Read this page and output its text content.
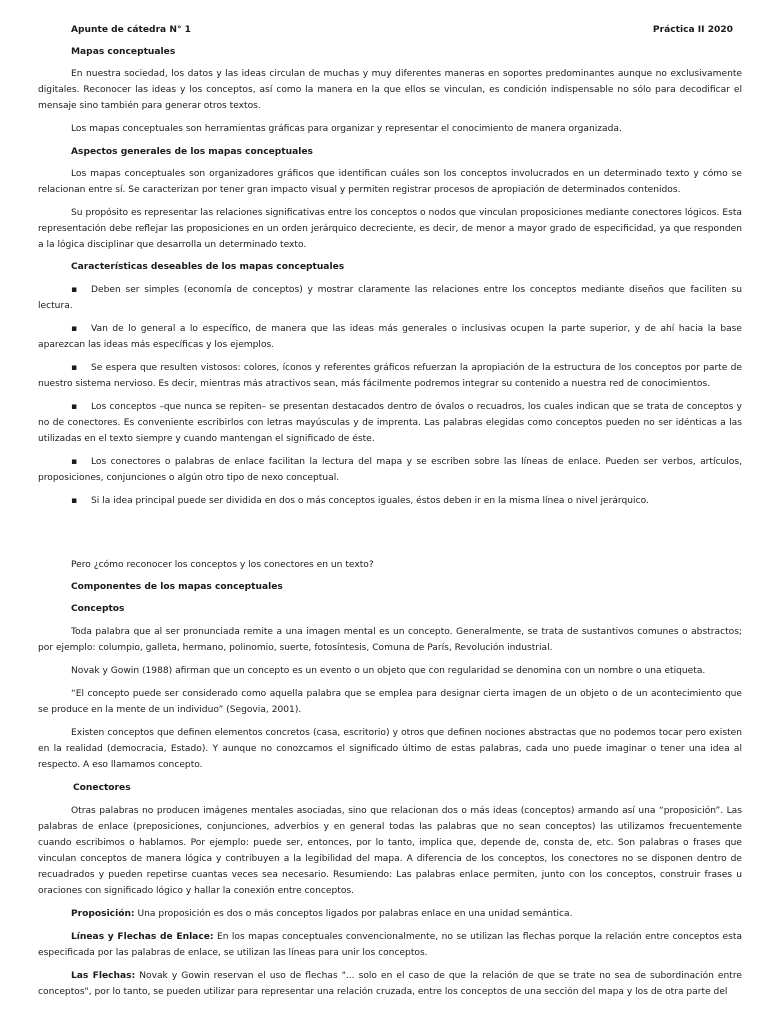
Apunte de cátedra N° 1	Práctica II 2020

Mapas conceptuales

En nuestra sociedad, los datos y las ideas circulan de muchas y muy diferentes maneras en soportes predominantes aunque no exclusivamente digitales. Reconocer las ideas y los conceptos, así como la manera en la que ellos se vinculan, es condición indispensable no sólo para decodificar el mensaje sino también para generar otros textos.

Los mapas conceptuales son herramientas gráficas para organizar y representar el conocimiento de manera organizada.

Aspectos generales de los mapas conceptuales

Los mapas conceptuales son organizadores gráficos que identifican cuáles son los conceptos involucrados en un determinado texto y cómo se relacionan entre sí. Se caracterizan por tener gran impacto visual y permiten registrar procesos de apropiación de determinados contenidos.

Su propósito es representar las relaciones significativas entre los conceptos o nodos que vinculan proposiciones mediante conectores lógicos. Esta representación debe reflejar las proposiciones en un orden jerárquico decreciente, es decir, de menor a mayor grado de especificidad, ya que responden a la lógica disciplinar que desarrolla un determinado texto.

Características deseables de los mapas conceptuales

▪ Deben ser simples (economía de conceptos) y mostrar claramente las relaciones entre los conceptos mediante diseños que faciliten su lectura.

▪ Van de lo general a lo específico, de manera que las ideas más generales o inclusivas ocupen la parte superior, y de ahí hacia la base aparezcan las ideas más específicas y los ejemplos.

▪ Se espera que resulten vistosos: colores, íconos y referentes gráficos refuerzan la apropiación de la estructura de los conceptos por parte de nuestro sistema nervioso. Es decir, mientras más atractivos sean, más fácilmente podremos integrar su contenido a nuestra red de conocimientos.

▪ Los conceptos –que nunca se repiten– se presentan destacados dentro de óvalos o recuadros, los cuales indican que se trata de conceptos y no de conectores. Es conveniente escribirlos con letras mayúsculas y de imprenta. Las palabras elegidas como conceptos pueden no ser idénticas a las utilizadas en el texto siempre y cuando mantengan el significado de éste.

▪ Los conectores o palabras de enlace facilitan la lectura del mapa y se escriben sobre las líneas de enlace. Pueden ser verbos, artículos, proposiciones, conjunciones o algún otro tipo de nexo conceptual.

▪ Si la idea principal puede ser dividida en dos o más conceptos iguales, éstos deben ir en la misma línea o nivel jerárquico.

Pero ¿cómo reconocer los conceptos y los conectores en un texto?

Componentes de los mapas conceptuales

Conceptos

Toda palabra que al ser pronunciada remite a una imagen mental es un concepto. Generalmente, se trata de sustantivos comunes o abstractos; por ejemplo: columpio, galleta, hermano, polinomio, suerte, fotosíntesis, Comuna de París, Revolución industrial.

Novak y Gowin (1988) afirman que un concepto es un evento o un objeto que con regularidad se denomina con un nombre o una etiqueta.

“El concepto puede ser considerado como aquella palabra que se emplea para designar cierta imagen de un objeto o de un acontecimiento que se produce en la mente de un individuo” (Segovia, 2001).

Existen conceptos que definen elementos concretos (casa, escritorio) y otros que definen nociones abstractas que no podemos tocar pero existen en la realidad (democracia, Estado). Y aunque no conozcamos el significado último de estas palabras, cada uno puede imaginar o tener una idea al respecto. A eso llamamos concepto.

Conectores

Otras palabras no producen imágenes mentales asociadas, sino que relacionan dos o más ideas (conceptos) armando así una “proposición”. Las palabras de enlace (preposiciones, conjunciones, adverbios y en general todas las palabras que no sean conceptos) las utilizamos frecuentemente cuando escribimos o hablamos. Por ejemplo: puede ser, entonces, por lo tanto, implica que, depende de, consta de, etc. Son palabras o frases que vinculan conceptos de manera lógica y contribuyen a la legibilidad del mapa. A diferencia de los conceptos, los conectores no se disponen dentro de recuadrados y pueden repetirse cuantas veces sea necesario. Resumiendo: Las palabras enlace permiten, junto con los conceptos, construir frases u oraciones con significado lógico y hallar la conexión entre conceptos.

Proposición: Una proposición es dos o más conceptos ligados por palabras enlace en una unidad semántica.

Líneas y Flechas de Enlace: En los mapas conceptuales convencionalmente, no se utilizan las flechas porque la relación entre conceptos esta especificada por las palabras de enlace, se utilizan las líneas para unir los conceptos.

Las Flechas: Novak y Gowin reservan el uso de flechas "... solo en el caso de que la relación de que se trate no sea de subordinación entre conceptos", por lo tanto, se pueden utilizar para representar una relación cruzada, entre los conceptos de una sección del mapa y los de otra parte del
